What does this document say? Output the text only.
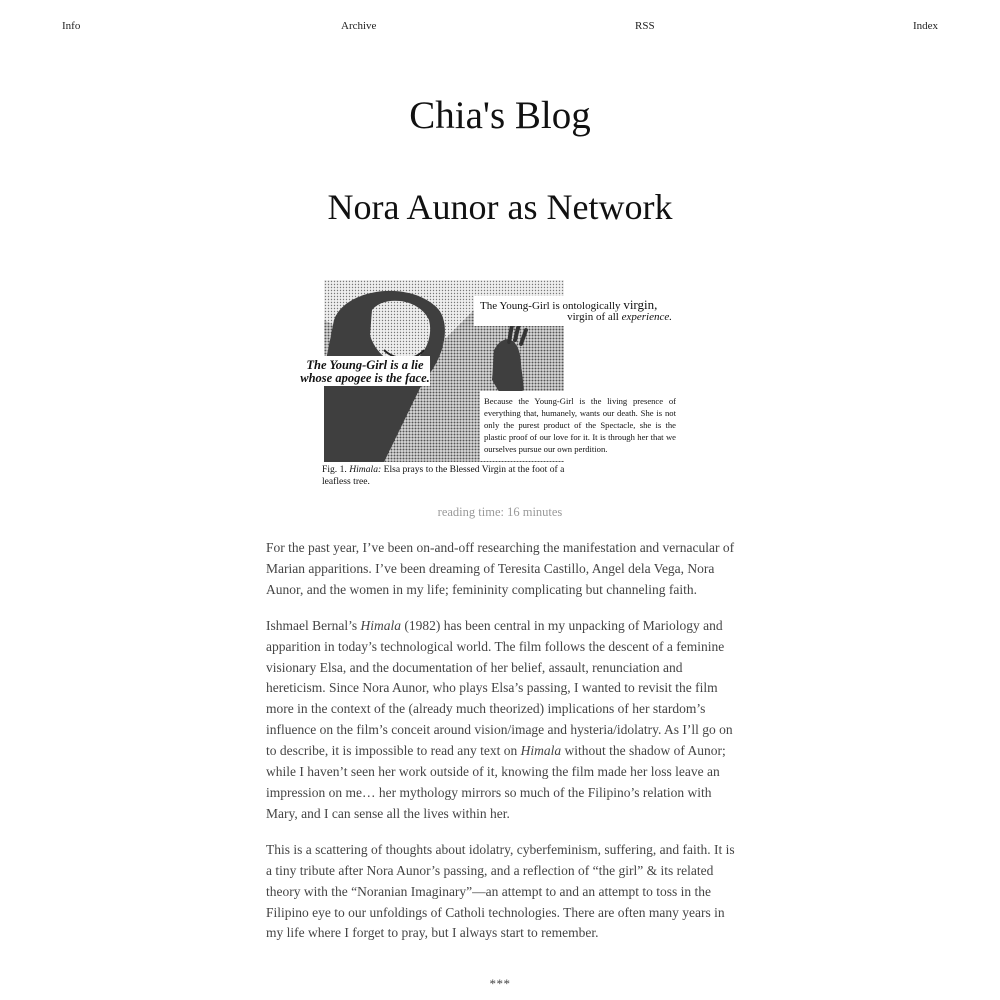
Info	Archive	RSS	Index
Chia's Blog
Nora Aunor as Network
The Young-Girl is ontologically virgin,
virgin of all experience.
The Young-Girl is a lie
whose apogee is the face.
Because the Young-Girl is the living presence of everything that, humanely, wants our death. She is not only the purest product of the Spectacle, she is the plastic proof of our love for it. It is through her that we ourselves pursue our own perdition.
Fig. 1. Himala: Elsa prays to the Blessed Virgin at the foot of a leafless tree.
reading time: 16 minutes

For the past year, I’ve been on-and-off researching the manifestation and vernacular of Marian apparitions. I’ve been dreaming of Teresita Castillo, Angel dela Vega, Nora Aunor, and the women in my life; femininity complicating but channeling faith.

Ishmael Bernal’s Himala (1982) has been central in my unpacking of Mariology and apparition in today’s technological world. The film follows the descent of a feminine visionary Elsa, and the documentation of her belief, assault, renunciation and hereticism. Since Nora Aunor, who plays Elsa’s passing, I wanted to revisit the film more in the context of the (already much theorized) implications of her stardom’s influence on the film’s conceit around vision/image and hysteria/idolatry. As I’ll go on to describe, it is impossible to read any text on Himala without the shadow of Aunor; while I haven’t seen her work outside of it, knowing the film made her loss leave an impression on me… her mythology mirrors so much of the Filipino’s relation with Mary, and I can sense all the lives within her.

This is a scattering of thoughts about idolatry, cyberfeminism, suffering, and faith. It is a tiny tribute after Nora Aunor’s passing, and a reflection of “the girl” & its related theory with the “Noranian Imaginary”—an attempt to and an attempt to toss in the Filipino eye to our unfoldings of Catholi technologies. There are often many years in my life where I forget to pray, but I always start to remember.

***
